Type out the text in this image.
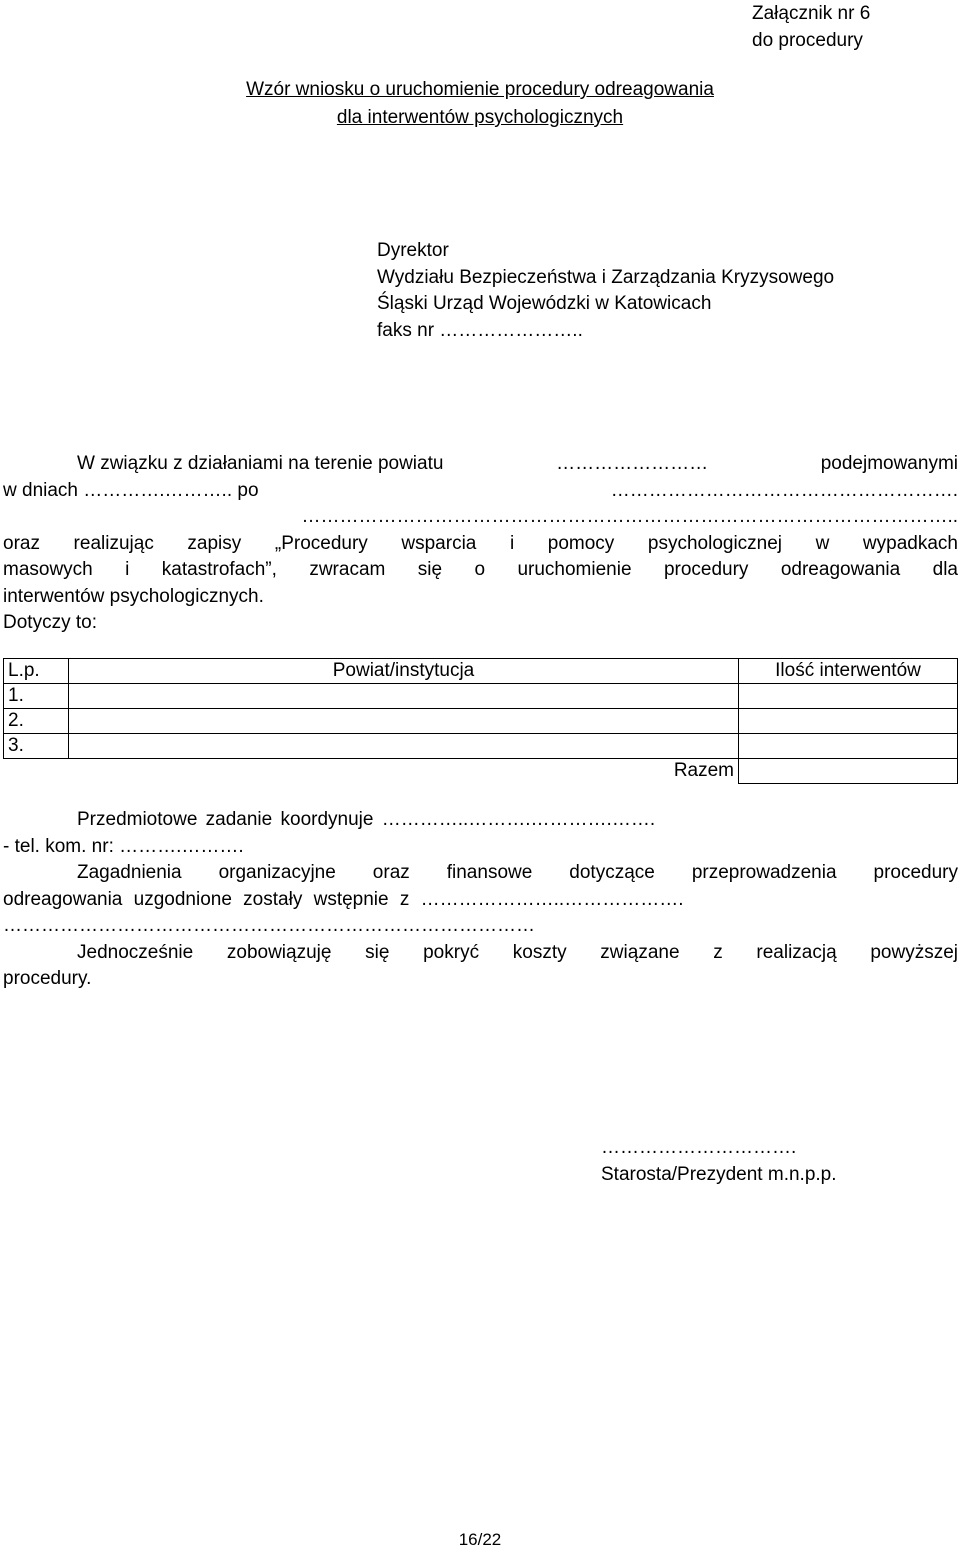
Załącznik nr 6
do procedury
Wzór wniosku o uruchomienie procedury odreagowania
dla interwentów psychologicznych
Dyrektor
Wydziału Bezpieczeństwa i Zarządzania Kryzysowego
Śląski Urząd Wojewódzki w Katowicach
faks nr …………………..
W związku z działaniami na terenie powiatu	……………………	podejmowanymi
w dniach ………….……….. po	……………………………………………….
…………………………………………………………………………………………..
oraz realizując zapisy „Procedury wsparcia i pomocy psychologicznej w wypadkach
masowych i katastrofach”, zwracam się o uruchomienie procedury odreagowania dla
interwentów psychologicznych.
Dotyczy to:
L.p.	Powiat/instytucja	Ilość interwentów
1.		
2.		
3.		
	Razem	
Przedmiotowe zadanie koordynuje …………..……….………….…….
- tel. kom. nr: ……….……….
Zagadnienia organizacyjne oraz finansowe dotyczące przeprowadzenia procedury
odreagowania uzgodnione zostały wstępnie z …………………..……………….
…………………………………………………………………………
Jednocześnie zobowiązuję się pokryć koszty związane z realizacją powyższej
procedury.
………………………….
Starosta/Prezydent m.n.p.p.
16/22
